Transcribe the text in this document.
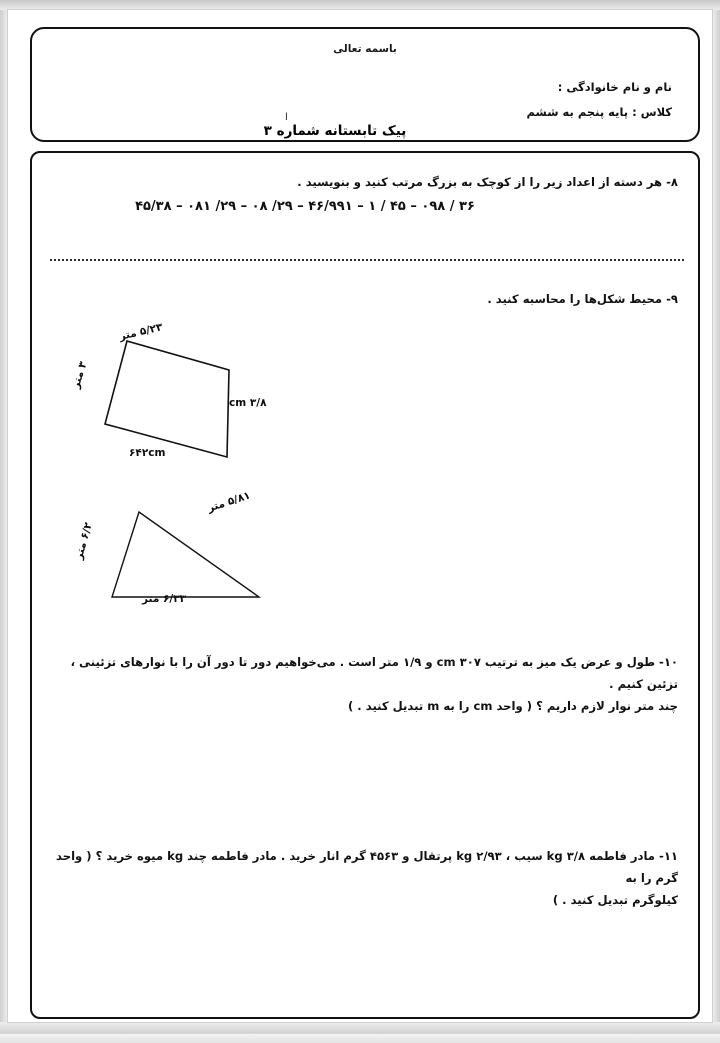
باسمه تعالی
نام و نام خانوادگی :
کلاس : پایه پنجم به ششم
ا
پیک تابستانه شماره ۳
۸- هر دسته از اعداد زیر را از کوچک به بزرگ مرتب کنید و بنویسید .
۳۶ / ۰۹۸ – ۴۵ / ۱ – ۴۶/۹۹۱ – ۲۹/ ۰۸ – ۲۹/ ۰۸۱ – ۴۵/۳۸
۹- محیط شکل‌ها را محاسبه کنید .
۵/۲۳ متر
۳ متر
cm ۳/۸
۶۴۲cm
۵/۸۱ متر
۶/۲ متر
۶/۳۳ متر
۱۰- طول و عرض یک میز به ترتیب cm ۳۰۷ و ۱/۹ متر است . می‌خواهیم دور تا دور آن را با نوارهای تزئینی ، تزئین کنیم .
چند متر نوار لازم داریم ؟ ( واحد cm را به m تبدیل کنید . )
۱۱- مادر فاطمه ۳/۸ kg سیب ، ۲/۹۳ kg پرتقال و ۴۵۶۳ گرم انار خرید . مادر فاطمه چند kg میوه خرید ؟ ( واحد گرم را به
کیلوگرم تبدیل کنید . )
